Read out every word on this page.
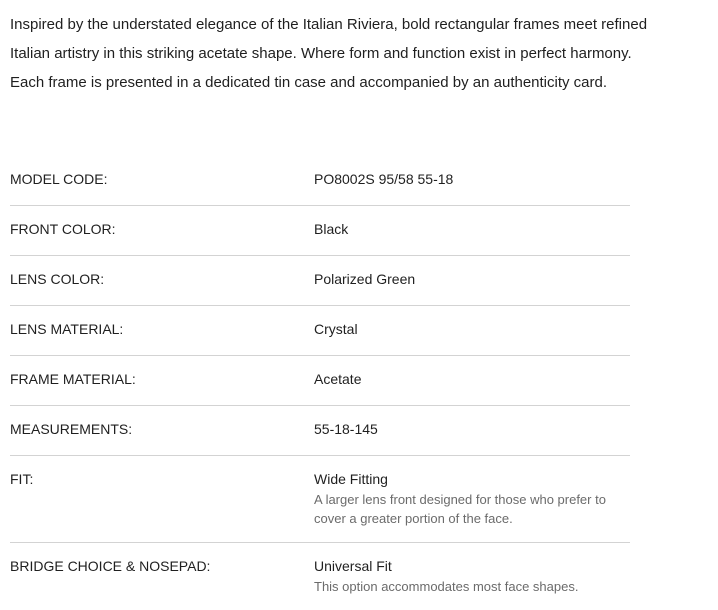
Inspired by the understated elegance of the Italian Riviera, bold rectangular frames meet refined Italian artistry in this striking acetate shape. Where form and function exist in perfect harmony. Each frame is presented in a dedicated tin case and accompanied by an authenticity card.

MODEL CODE:	PO8002S 95/58 55-18
FRONT COLOR:	Black
LENS COLOR:	Polarized Green
LENS MATERIAL:	Crystal
FRAME MATERIAL:	Acetate
MEASUREMENTS:	55-18-145
FIT:	Wide Fitting
A larger lens front designed for those who prefer to cover a greater portion of the face.
BRIDGE CHOICE & NOSEPAD:	Universal Fit
This option accommodates most face shapes.
